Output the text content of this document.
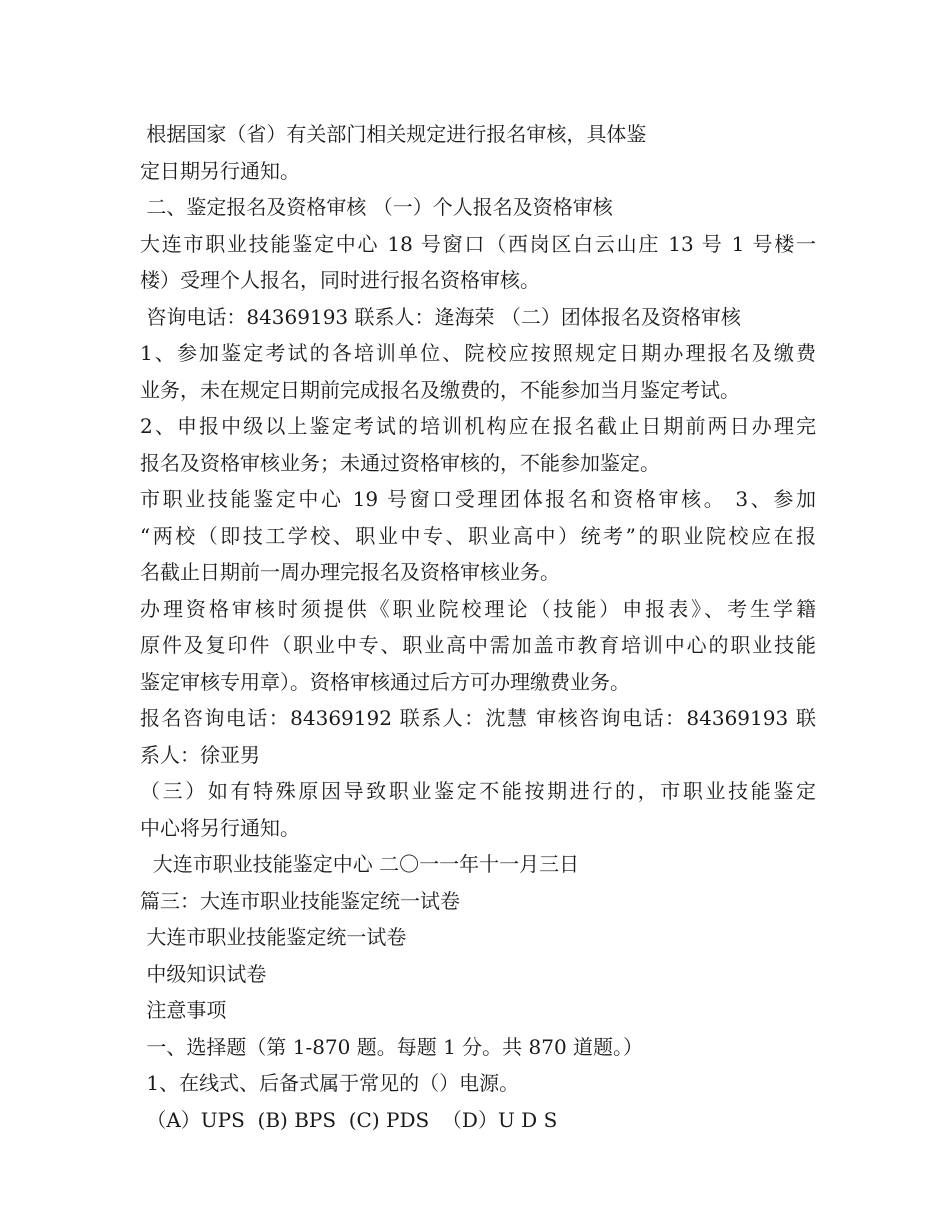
根据国家（省）有关部门相关规定进行报名审核，具体鉴
定日期另行通知。
二、鉴定报名及资格审核 （一）个人报名及资格审核
大连市职业技能鉴定中心 18 号窗口（西岗区白云山庄 13 号 1 号楼一
楼）受理个人报名，同时进行报名资格审核。
咨询电话：84369193 联系人：逄海荣 （二）团体报名及资格审核
1、参加鉴定考试的各培训单位、院校应按照规定日期办理报名及缴费
业务，未在规定日期前完成报名及缴费的，不能参加当月鉴定考试。
2、申报中级以上鉴定考试的培训机构应在报名截止日期前两日办理完
报名及资格审核业务；未通过资格审核的，不能参加鉴定。
市职业技能鉴定中心 19 号窗口受理团体报名和资格审核。 3、参加
“两校（即技工学校、职业中专、职业高中）统考”的职业院校应在报
名截止日期前一周办理完报名及资格审核业务。
办理资格审核时须提供《职业院校理论（技能）申报表》、考生学籍
原件及复印件（职业中专、职业高中需加盖市教育培训中心的职业技能
鉴定审核专用章）。资格审核通过后方可办理缴费业务。
报名咨询电话：84369192 联系人：沈慧 审核咨询电话：84369193 联
系人：徐亚男
（三）如有特殊原因导致职业鉴定不能按期进行的，市职业技能鉴定
中心将另行通知。
大连市职业技能鉴定中心 二〇一一年十一月三日
篇三：大连市职业技能鉴定统一试卷
大连市职业技能鉴定统一试卷
中级知识试卷
注意事项
一、选择题（第 1-870 题。每题 1 分。共 870 道题。）
1、在线式、后备式属于常见的（）电源。
（A）UPS  (B) BPS  (C) PDS  （D）U D S
